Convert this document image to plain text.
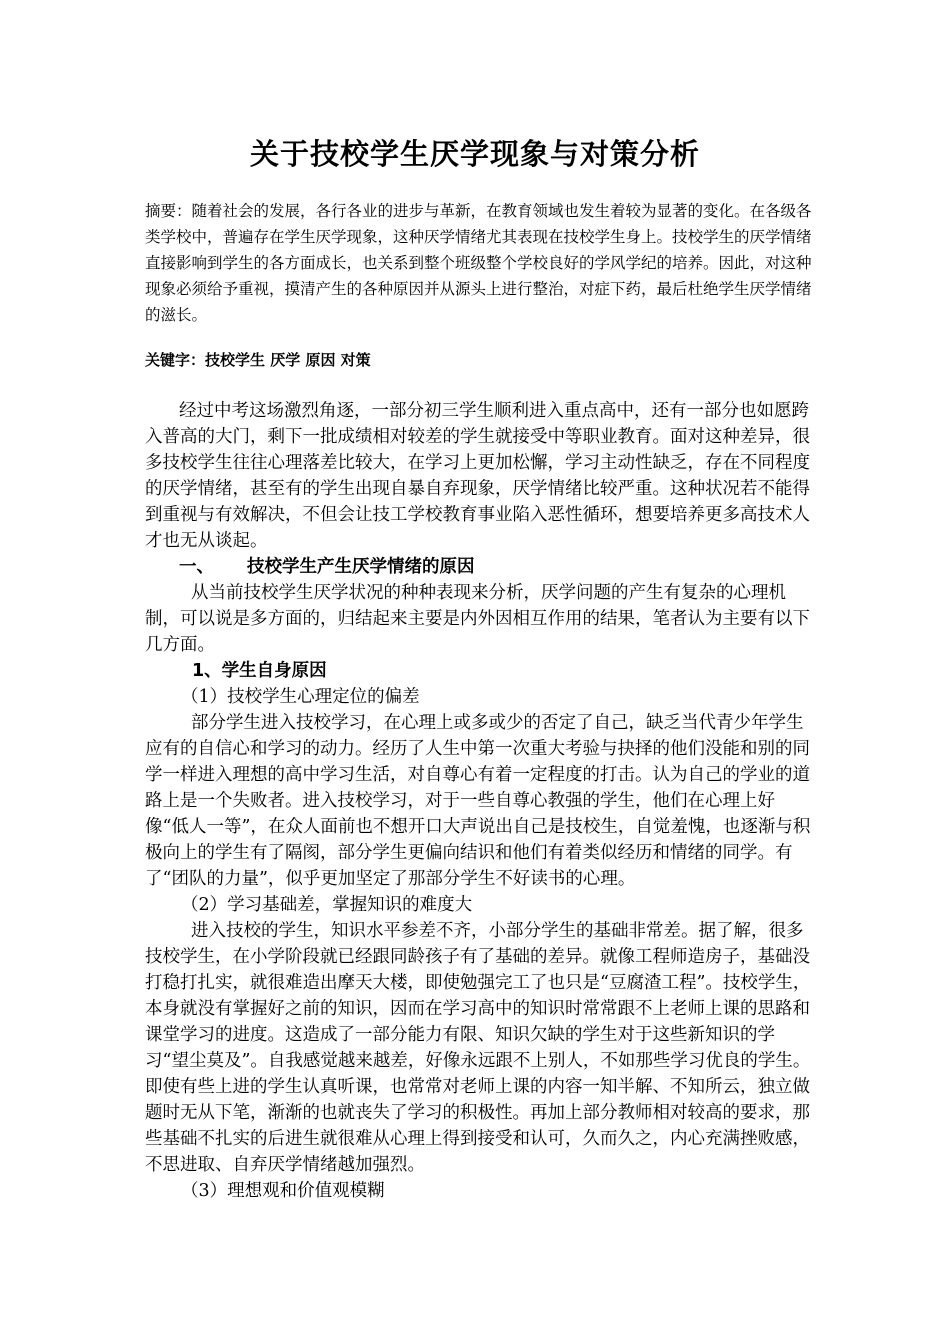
关于技校学生厌学现象与对策分析

摘要：随着社会的发展，各行各业的进步与革新，在教育领域也发生着较为显著的变化。在各级各类学校中，普遍存在学生厌学现象，这种厌学情绪尤其表现在技校学生身上。技校学生的厌学情绪直接影响到学生的各方面成长，也关系到整个班级整个学校良好的学风学纪的培养。因此，对这种现象必须给予重视，摸清产生的各种原因并从源头上进行整治，对症下药，最后杜绝学生厌学情绪的滋长。

关键字：技校学生 厌学 原因 对策

经过中考这场激烈角逐，一部分初三学生顺利进入重点高中，还有一部分也如愿跨入普高的大门，剩下一批成绩相对较差的学生就接受中等职业教育。面对这种差异，很多技校学生往往心理落差比较大，在学习上更加松懈，学习主动性缺乏，存在不同程度的厌学情绪，甚至有的学生出现自暴自弃现象，厌学情绪比较严重。这种状况若不能得到重视与有效解决，不但会让技工学校教育事业陷入恶性循环，想要培养更多高技术人才也无从谈起。

一、 技校学生产生厌学情绪的原因

从当前技校学生厌学状况的种种表现来分析，厌学问题的产生有复杂的心理机制，可以说是多方面的，归结起来主要是内外因相互作用的结果，笔者认为主要有以下几方面。

1、学生自身原因

（1）技校学生心理定位的偏差

部分学生进入技校学习，在心理上或多或少的否定了自己，缺乏当代青少年学生应有的自信心和学习的动力。经历了人生中第一次重大考验与抉择的他们没能和别的同学一样进入理想的高中学习生活，对自尊心有着一定程度的打击。认为自己的学业的道路上是一个失败者。进入技校学习，对于一些自尊心教强的学生，他们在心理上好像“低人一等”，在众人面前也不想开口大声说出自己是技校生，自觉羞愧，也逐渐与积极向上的学生有了隔阂，部分学生更偏向结识和他们有着类似经历和情绪的同学。有了“团队的力量”，似乎更加坚定了那部分学生不好读书的心理。

（2）学习基础差，掌握知识的难度大

进入技校的学生，知识水平参差不齐，小部分学生的基础非常差。据了解，很多技校学生，在小学阶段就已经跟同龄孩子有了基础的差异。就像工程师造房子，基础没打稳打扎实，就很难造出摩天大楼，即使勉强完工了也只是“豆腐渣工程”。技校学生，本身就没有掌握好之前的知识，因而在学习高中的知识时常常跟不上老师上课的思路和课堂学习的进度。这造成了一部分能力有限、知识欠缺的学生对于这些新知识的学习“望尘莫及”。自我感觉越来越差，好像永远跟不上别人，不如那些学习优良的学生。即使有些上进的学生认真听课，也常常对老师上课的内容一知半解、不知所云，独立做题时无从下笔，渐渐的也就丧失了学习的积极性。再加上部分教师相对较高的要求，那些基础不扎实的后进生就很难从心理上得到接受和认可，久而久之，内心充满挫败感，不思进取、自弃厌学情绪越加强烈。

（3）理想观和价值观模糊
